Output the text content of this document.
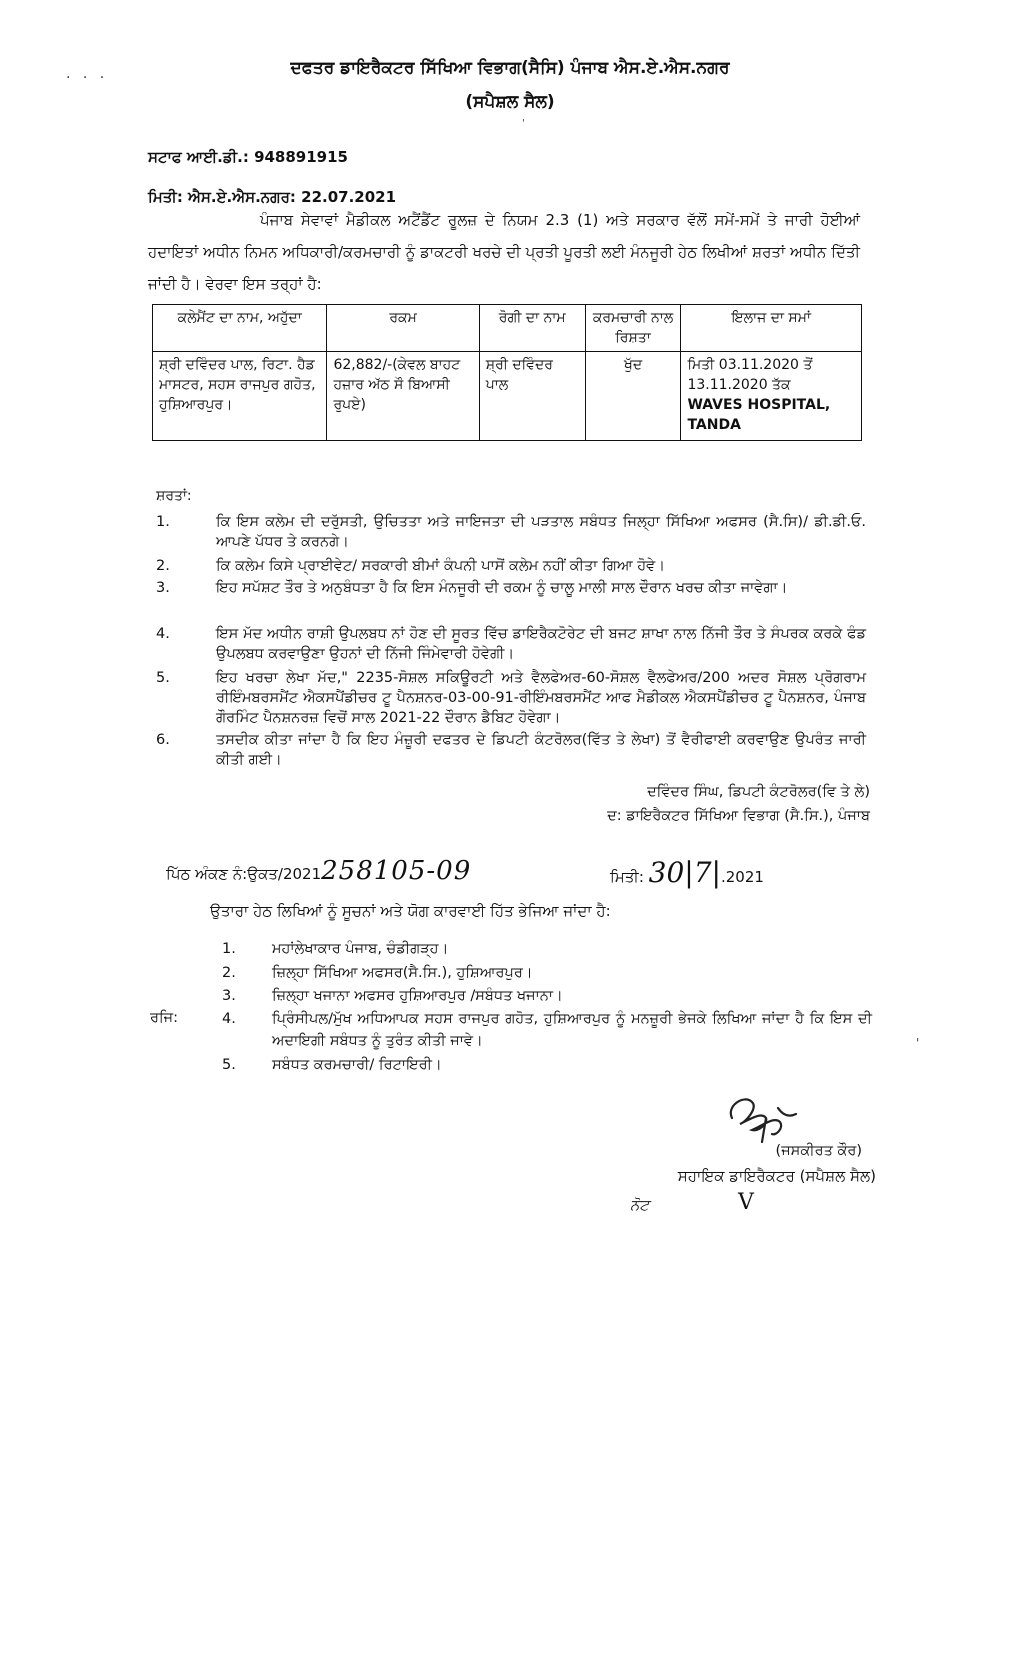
· · ·
'
ਦਫਤਰ ਡਾਇਰੈਕਟਰ ਸਿੱਖਿਆ ਵਿਭਾਗ(ਸੈਸਿ) ਪੰਜਾਬ ਐਸ.ਏ.ਐਸ.ਨਗਰ
(ਸਪੈਸ਼ਲ ਸੈਲ)
ਸਟਾਫ ਆਈ.ਡੀ.: 948891915
ਮਿਤੀ: ਐਸ.ਏ.ਐਸ.ਨਗਰ: 22.07.2021
ਪੰਜਾਬ ਸੇਵਾਵਾਂ ਮੈਡੀਕਲ ਅਟੈਂਡੈਂਟ ਰੂਲਜ਼ ਦੇ ਨਿਯਮ 2.3 (1) ਅਤੇ ਸਰਕਾਰ ਵੱਲੋਂ ਸਮੇਂ-ਸਮੇਂ ਤੇ ਜਾਰੀ ਹੋਈਆਂ ਹਦਾਇਤਾਂ ਅਧੀਨ ਨਿਮਨ ਅਧਿਕਾਰੀ/ਕਰਮਚਾਰੀ ਨੂੰ ਡਾਕਟਰੀ ਖਰਚੇ ਦੀ ਪ੍ਰਤੀ ਪੂਰਤੀ ਲਈ ਮੰਨਜੂਰੀ ਹੇਠ ਲਿਖੀਆਂ ਸ਼ਰਤਾਂ ਅਧੀਨ ਦਿੱਤੀ ਜਾਂਦੀ ਹੈ। ਵੇਰਵਾ ਇਸ ਤਰ੍ਹਾਂ ਹੈ:
ਕਲੇਮੈਂਟ ਦਾ ਨਾਮ, ਅਹੁੱਦਾ	ਰਕਮ	ਰੋਗੀ ਦਾ ਨਾਮ	ਕਰਮਚਾਰੀ ਨਾਲ ਰਿਸ਼ਤਾ	ਇਲਾਜ ਦਾ ਸਮਾਂ
ਸ਼੍ਰੀ ਦਵਿੰਦਰ ਪਾਲ, ਰਿਟਾ. ਹੈਡ ਮਾਸਟਰ, ਸਹਸ ਰਾਜਪੁਰ ਗਹੋਤ, ਹੁਸ਼ਿਆਰਪੁਰ।	62,882/-(ਕੇਵਲ ਬਾਹਟ ਹਜ਼ਾਰ ਅੱਠ ਸੌ ਬਿਆਸੀ ਰੁਪਏ)	ਸ਼੍ਰੀ ਦਵਿੰਦਰ ਪਾਲ	ਖੁੱਦ	ਮਿਤੀ 03.11.2020 ਤੋਂ 13.11.2020 ਤੱਕ
WAVES HOSPITAL, TANDA
ਸ਼ਰਤਾਂ:
1.	ਕਿ ਇਸ ਕਲੇਮ ਦੀ ਦਰੁੱਸਤੀ, ਉਚਿਤਤਾ ਅਤੇ ਜਾਇਜਤਾ ਦੀ ਪੜਤਾਲ ਸਬੰਧਤ ਜਿਲ੍ਹਾ ਸਿੱਖਿਆ ਅਫਸਰ (ਸੈ.ਸਿ)/ ਡੀ.ਡੀ.ਓ. ਆਪਣੇ ਪੱਧਰ ਤੇ ਕਰਨਗੇ।
2.	ਕਿ ਕਲੇਮ ਕਿਸੇ ਪ੍ਰਾਈਵੇਟ/ ਸਰਕਾਰੀ ਬੀਮਾਂ ਕੰਪਨੀ ਪਾਸੋਂ ਕਲੇਮ ਨਹੀਂ ਕੀਤਾ ਗਿਆ ਹੋਵੇ।
3.	ਇਹ ਸਪੱਸ਼ਟ ਤੌਰ ਤੇ ਅਨੁਬੰਧਤਾ ਹੈ ਕਿ ਇਸ ਮੰਨਜੂਰੀ ਦੀ ਰਕਮ ਨੂੰ ਚਾਲੂ ਮਾਲੀ ਸਾਲ ਦੌਰਾਨ ਖਰਚ ਕੀਤਾ ਜਾਵੇਗਾ।
4.	ਇਸ ਮੱਦ ਅਧੀਨ ਰਾਸ਼ੀ ਉਪਲਬਧ ਨਾਂ ਹੋਣ ਦੀ ਸੂਰਤ ਵਿੱਚ ਡਾਇਰੈਕਟੋਰੇਟ ਦੀ ਬਜਟ ਸ਼ਾਖਾ ਨਾਲ ਨਿੱਜੀ ਤੌਰ ਤੇ ਸੰਪਰਕ ਕਰਕੇ ਫੰਡ ਉਪਲਬਧ ਕਰਵਾਉਣਾ ਉਹਨਾਂ ਦੀ ਨਿੱਜੀ ਜਿੰਮੇਵਾਰੀ ਹੋਵੇਗੀ।
5.	ਇਹ ਖਰਚਾ ਲੇਖਾ ਮੱਦ," 2235-ਸੋਸ਼ਲ ਸਕਿਊਰਟੀ ਅਤੇ ਵੈਲਫੇਅਰ-60-ਸੋਸ਼ਲ ਵੈਲਫੇਅਰ/200 ਅਦਰ ਸੋਸ਼ਲ ਪ੍ਰੋਗਰਾਮ ਰੀਇੰਮਬਰਸਮੈਂਟ ਐਕਸਪੈਂਡੀਚਰ ਟੂ ਪੈਨਸ਼ਨਰ-03-00-91-ਰੀਇੰਮਬਰਸਮੈਂਟ ਆਫ ਮੈਡੀਕਲ ਐਕਸਪੈਂਡੀਚਰ ਟੂ ਪੈਨਸ਼ਨਰ, ਪੰਜਾਬ ਗੌਰਮਿੰਟ ਪੈਨਸ਼ਨਰਜ਼ ਵਿਚੋਂ ਸਾਲ 2021-22 ਦੌਰਾਨ ਡੈਬਿਟ ਹੋਵੇਗਾ।
6.	ਤਸਦੀਕ ਕੀਤਾ ਜਾਂਦਾ ਹੈ ਕਿ ਇਹ ਮੰਜ਼ੂਰੀ ਦਫਤਰ ਦੇ ਡਿਪਟੀ ਕੰਟਰੋਲਰ(ਵਿੱਤ ਤੇ ਲੇਖਾ) ਤੋਂ ਵੈਰੀਫਾਈ ਕਰਵਾਉਣ ਉਪਰੰਤ ਜਾਰੀ ਕੀਤੀ ਗਈ।
ਦਵਿੰਦਰ ਸਿੰਘ, ਡਿਪਟੀ ਕੰਟਰੋਲਰ(ਵਿ ਤੇ ਲੇ)
ਦ: ਡਾਇਰੈਕਟਰ ਸਿੱਖਿਆ ਵਿਭਾਗ (ਸੈ.ਸਿ.), ਪੰਜਾਬ
ਪਿੱਠ ਅੰਕਣ ਨੰ:ਉਕਤ/2021258105-09	ਮਿਤੀ: 30|7|.2021
ਉਤਾਰਾ ਹੇਠ ਲਿਖਿਆਂ ਨੂੰ ਸੂਚਨਾਂ ਅਤੇ ਯੋਗ ਕਾਰਵਾਈ ਹਿੱਤ ਭੇਜਿਆ ਜਾਂਦਾ ਹੈ:
1. ਮਹਾਂਲੇਖਾਕਾਰ ਪੰਜਾਬ, ਚੰਡੀਗੜ੍ਹ।
2. ਜ਼ਿਲ੍ਹਾ ਸਿੱਖਿਆ ਅਫਸਰ(ਸੈ.ਸਿ.), ਹੁਸ਼ਿਆਰਪੁਰ।
3. ਜ਼ਿਲ੍ਹਾ ਖਜਾਨਾ ਅਫਸਰ ਹੁਸ਼ਿਆਰਪੁਰ /ਸਬੰਧਤ ਖਜਾਨਾ।
ਰਜਿ:	4. ਪ੍ਰਿੰਸੀਪਲ/ਮੁੱਖ ਅਧਿਆਪਕ ਸਹਸ ਰਾਜਪੁਰ ਗਹੋਤ, ਹੁਸ਼ਿਆਰਪੁਰ ਨੂੰ ਮਨਜ਼ੂਰੀ ਭੇਜਕੇ ਲਿਖਿਆ ਜਾਂਦਾ ਹੈ ਕਿ ਇਸ ਦੀ ਅਦਾਇਗੀ ਸਬੰਧਤ ਨੂੰ ਤੁਰੰਤ ਕੀਤੀ ਜਾਵੇ।
5. ਸਬੰਧਤ ਕਰਮਚਾਰੀ/ ਰਿਟਾਇਰੀ।
'
(ਜਸਕੀਰਤ ਕੌਰ)
ਸਹਾਇਕ ਡਾਇਰੈਕਟਰ (ਸਪੈਸ਼ਲ ਸੈਲ)
ਨੋਟ	V
